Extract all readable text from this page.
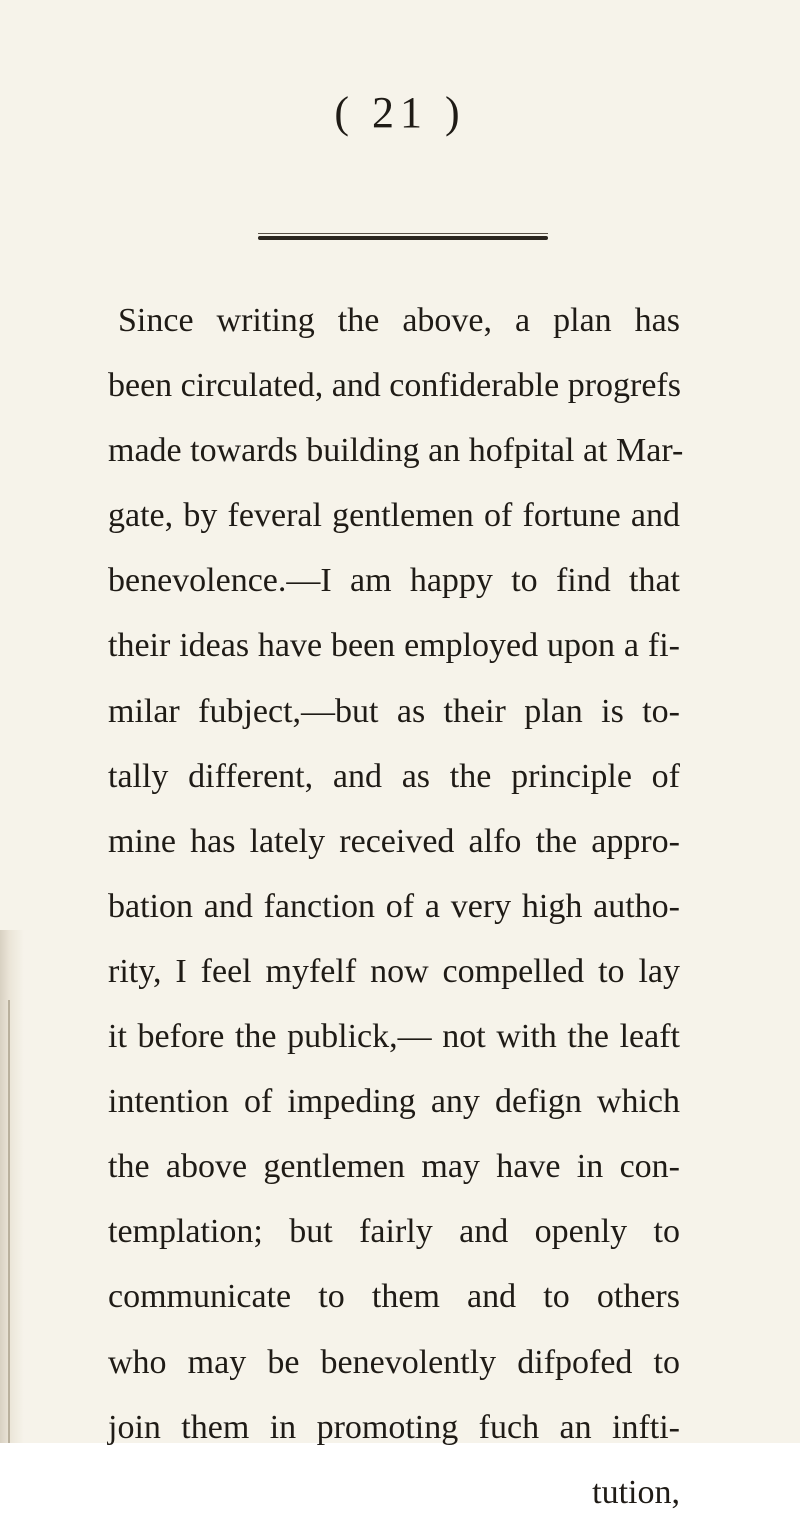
( 21 )
Since writing the above, a plan has
been circulated, and confiderable progrefs
made towards building an hofpital at Mar-
gate, by feveral gentlemen of fortune and
benevolence.—I am happy to find that
their ideas have been employed upon a fi-
milar fubject,—but as their plan is to-
tally different, and as the principle of
mine has lately received alfo the appro-
bation and fanction of a very high autho-
rity, I feel myfelf now compelled to lay
it before the publick,— not with the leaft
intention of impeding any defign which
the above gentlemen may have in con-
templation; but fairly and openly to
communicate to them and to others
who may be benevolently difpofed to
join them in promoting fuch an infti-
tution,
